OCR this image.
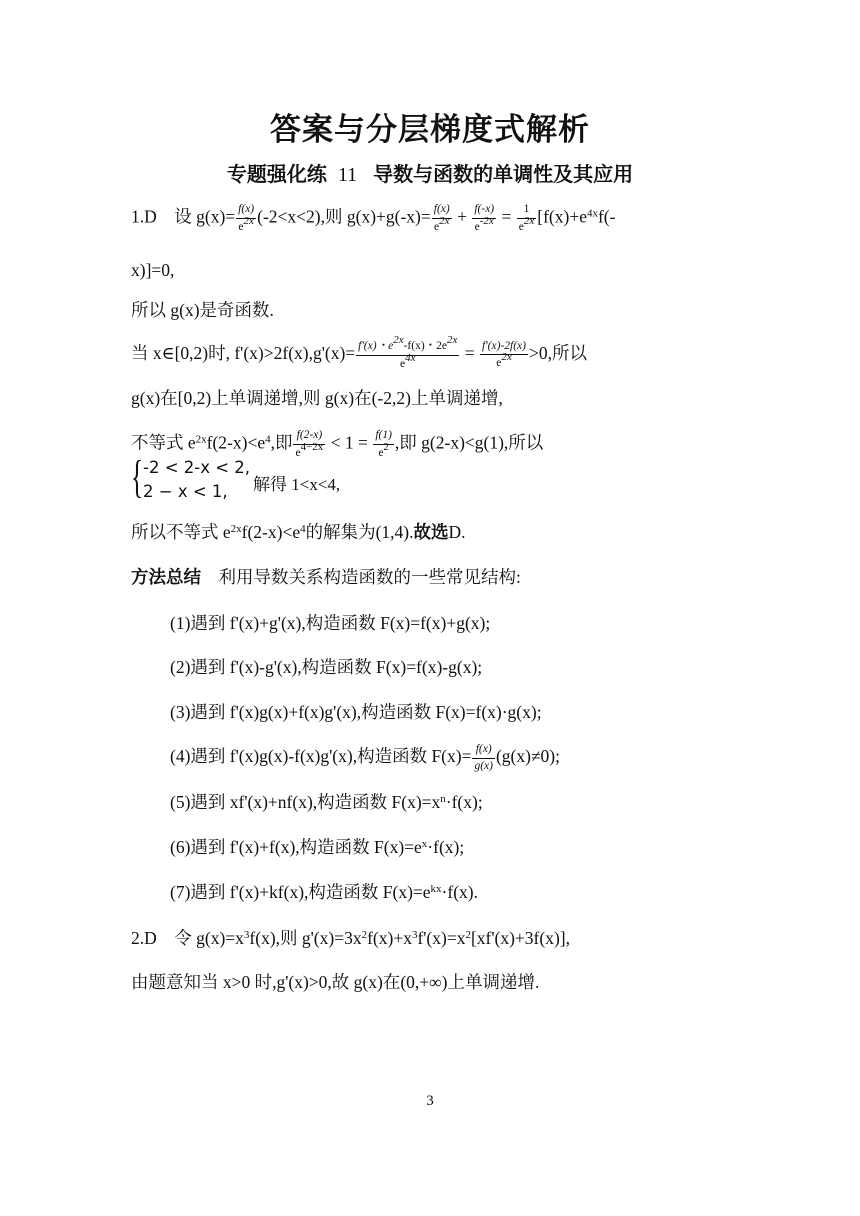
答案与分层梯度式解析
专题强化练 11 导数与函数的单调性及其应用
1.D　设 $g(x)= \frac{f(x)}{e^{2x}} (-2<x<2)$,则 $g(x)+g(-x)= \frac{f(x)}{e^{2x}} + \frac{f(-x)}{e^{-2x}} = \frac{1}{e^{2x}} [f(x)+e^{4x}f(-$
x)]=0,
所以 g(x)是奇函数.
当 x∈[0,2)时, $f'(x)>2f(x),g'(x)= \frac{f'(x)・e^{2x}-f(x)・2e^{2x}}{e^{4x}} = \frac{f'(x)-2f(x)}{e^{2x}} >0$,所以
g(x)在[0,2)上单调递增,则 g(x)在(-2,2)上单调递增,
不等式 $e^{2x}f(2-x)<e^4$,即 $\frac{f(2-x)}{e^{4-2x}} < 1 = \frac{f(1)}{e^2}$ ,即 g(2-x)<g(1),所以
{ -2 < 2-x < 2,
2 − x < 1, 解得 1<x<4,
所以不等式 $e^{2x}f(2-x)<e^4$的解集为(1,4).故选D.
方法总结 利用导数关系构造函数的一些常见结构:
(1)遇到 f'(x)+g'(x),构造函数 F(x)=f(x)+g(x);
(2)遇到 f'(x)-g'(x),构造函数 F(x)=f(x)-g(x);
(3)遇到 f'(x)g(x)+f(x)g'(x),构造函数 F(x)=f(x)·g(x);
(4)遇到 f'(x)g(x)-f(x)g'(x),构造函数 $F(x)= \frac{f(x)}{g(x)} (g(x)\ne 0)$;
(5)遇到 xf'(x)+nf(x),构造函数 $F(x)=x^n\cdot f(x)$;
(6)遇到 f'(x)+f(x),构造函数 $F(x)=e^x\cdot f(x)$;
(7)遇到 f'(x)+kf(x),构造函数 $F(x)=e^{kx}\cdot f(x)$.
2.D　令 $g(x)=x^3f(x)$,则 $g'(x)=3x^2f(x)+x^3f'(x)=x^2[xf'(x)+3f(x)]$,
由题意知当 x>0 时,g'(x)>0,故 g(x)在(0,+∞)上单调递增.
3
